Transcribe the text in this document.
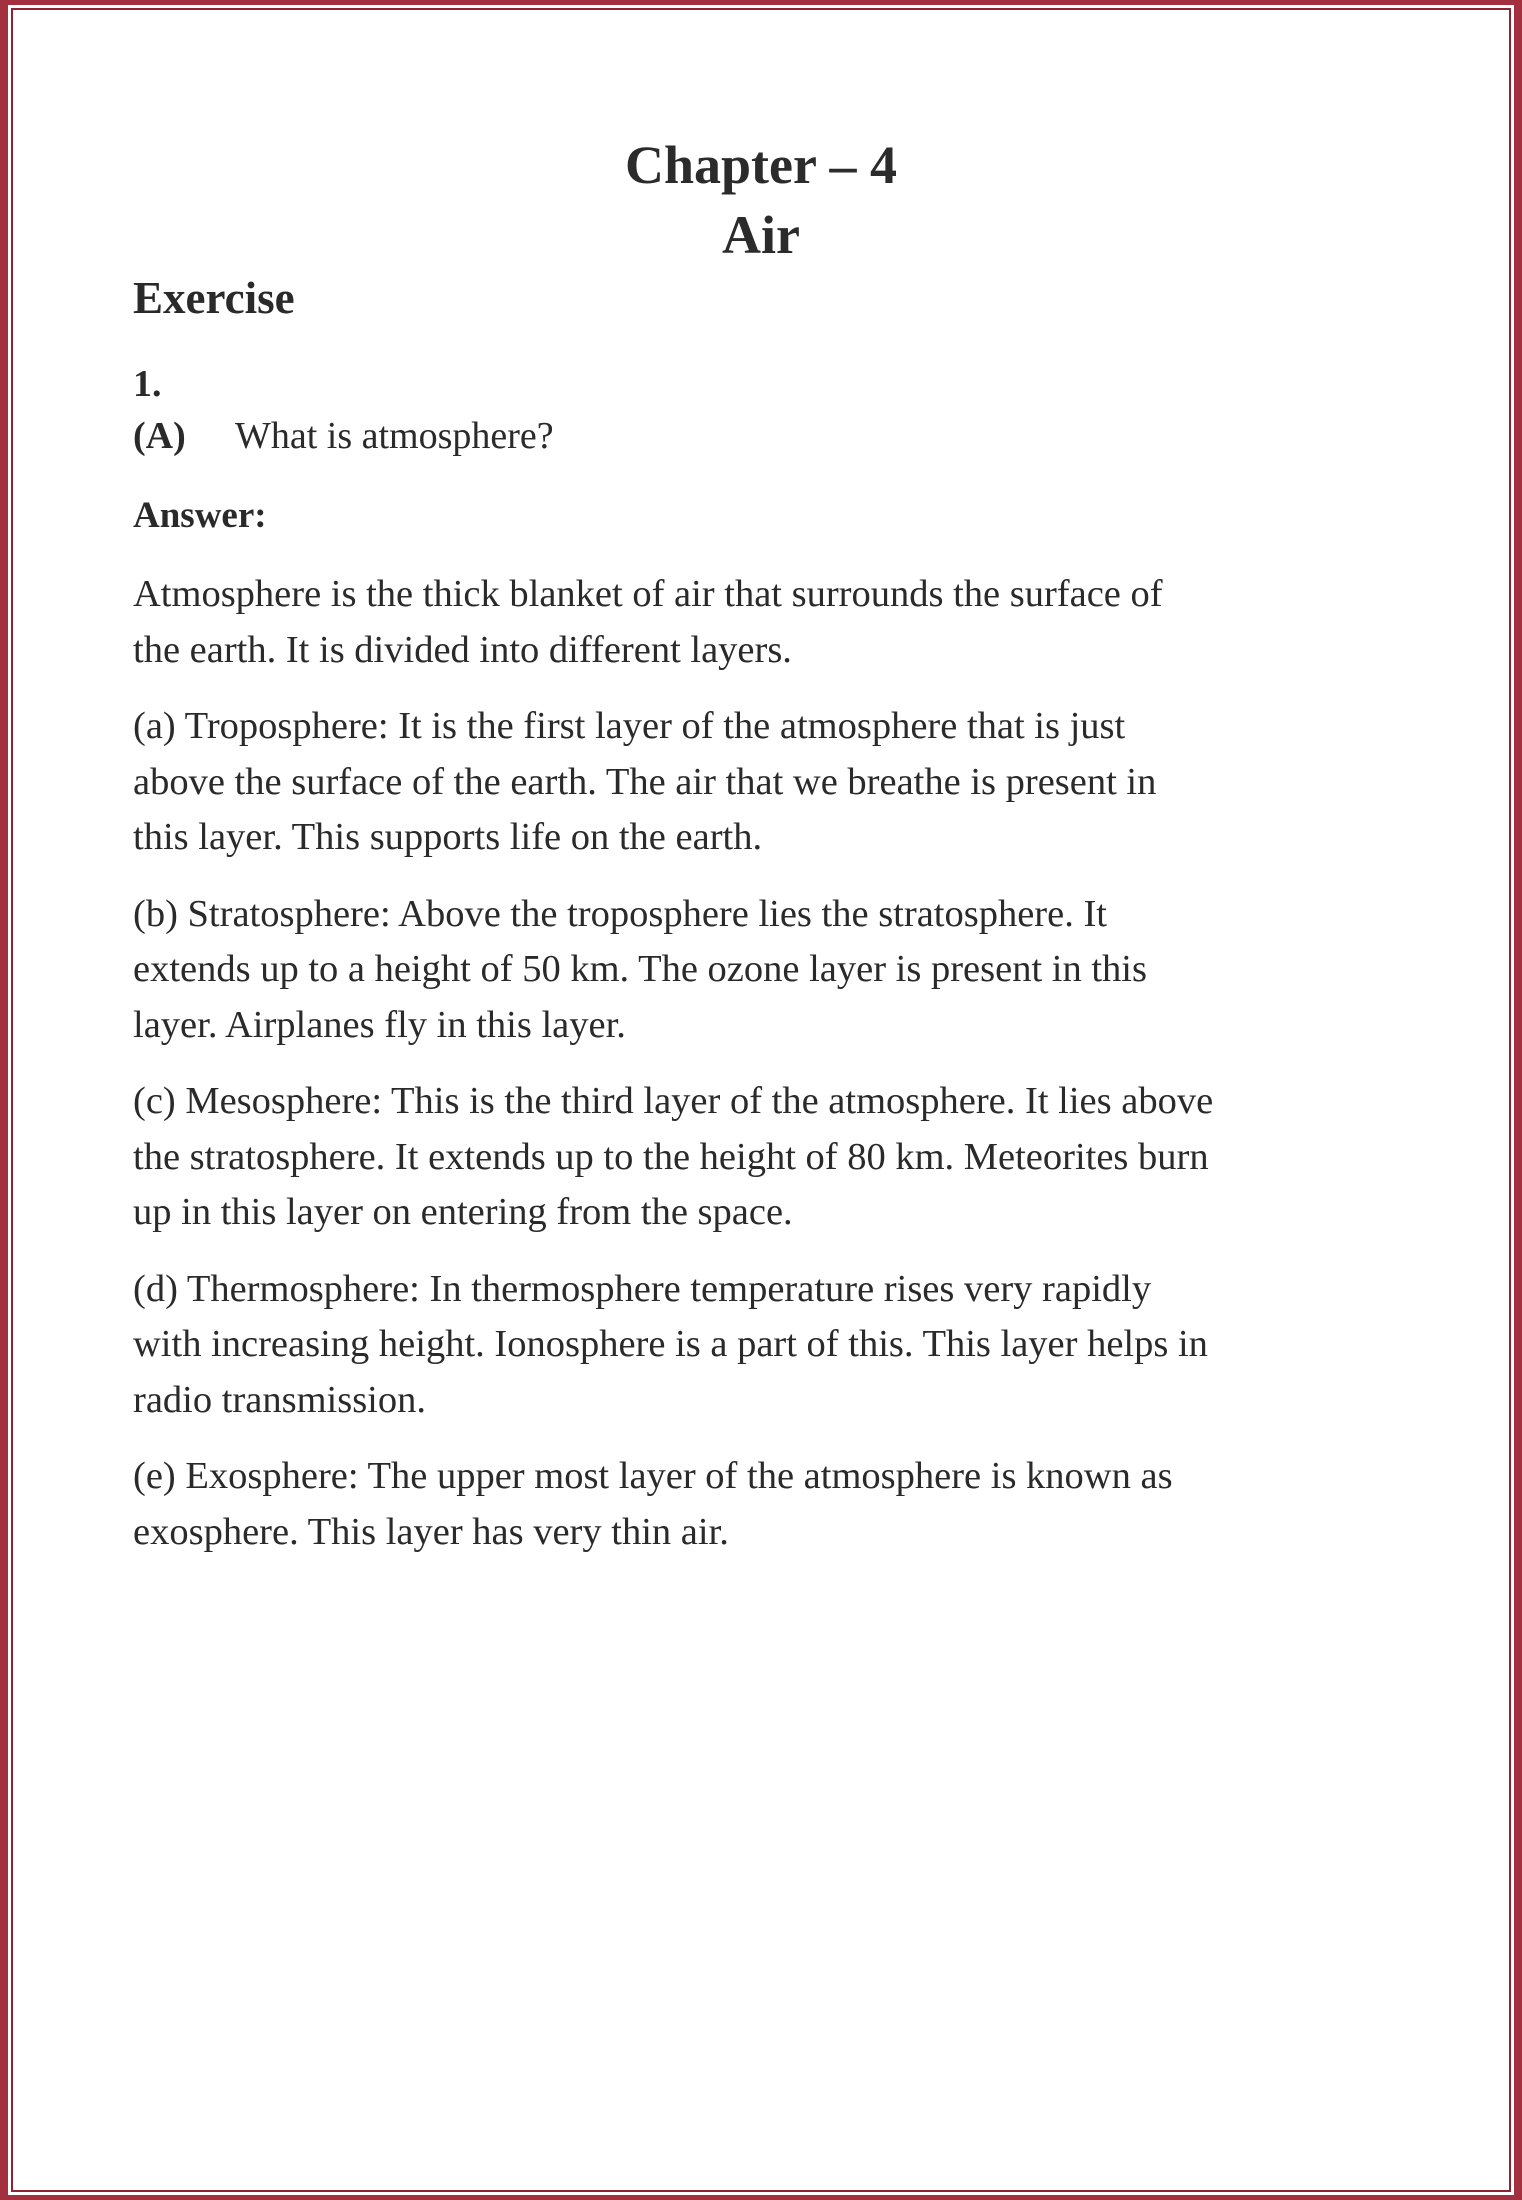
Chapter – 4
Air
Exercise
1.
(A) What is atmosphere?
Answer:
Atmosphere is the thick blanket of air that surrounds the surface of
the earth. It is divided into different layers.
(a) Troposphere: It is the first layer of the atmosphere that is just
above the surface of the earth. The air that we breathe is present in
this layer. This supports life on the earth.
(b) Stratosphere: Above the troposphere lies the stratosphere. It
extends up to a height of 50 km. The ozone layer is present in this
layer. Airplanes fly in this layer.
(c) Mesosphere: This is the third layer of the atmosphere. It lies above
the stratosphere. It extends up to the height of 80 km. Meteorites burn
up in this layer on entering from the space.
(d) Thermosphere: In thermosphere temperature rises very rapidly
with increasing height. Ionosphere is a part of this. This layer helps in
radio transmission.
(e) Exosphere: The upper most layer of the atmosphere is known as
exosphere. This layer has very thin air.
